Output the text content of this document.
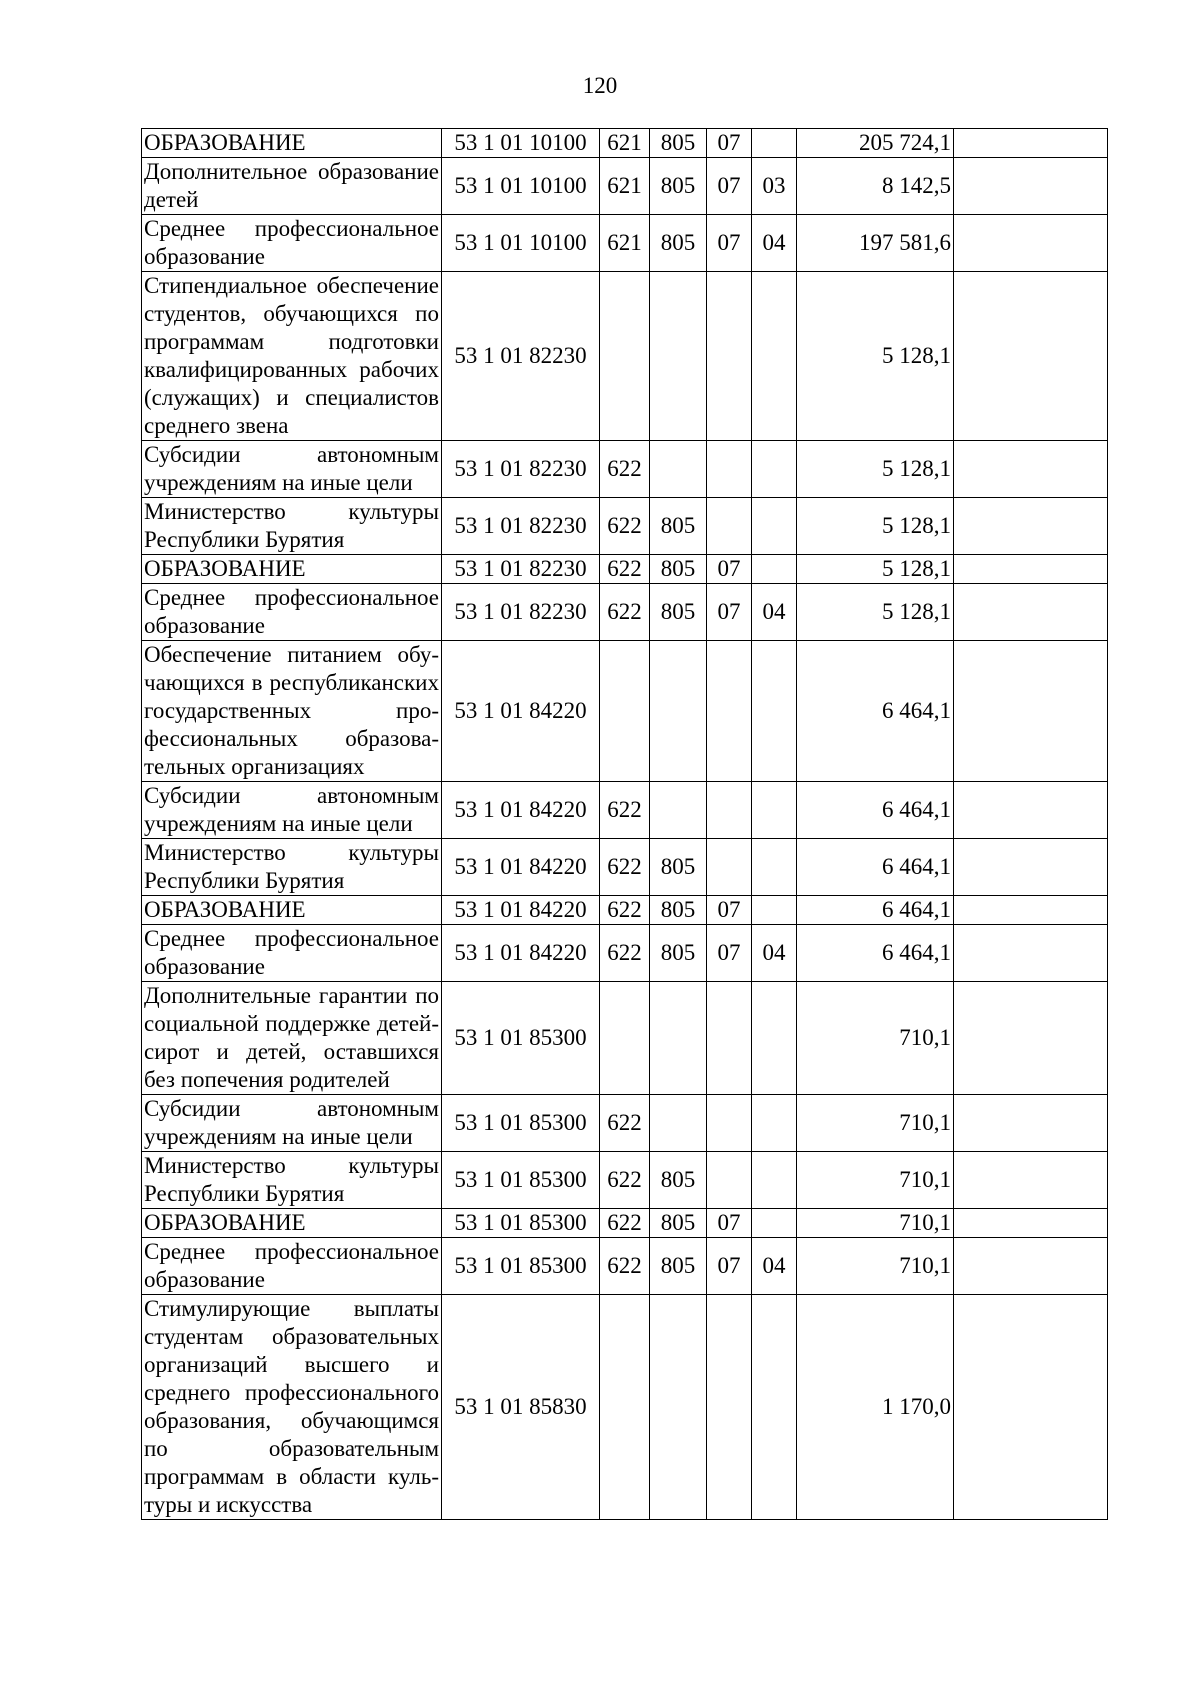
120
ОБРАЗОВАНИЕ	53 1 01 10100	621	805	07		205 724,1	
Дополнительное образование детей	53 1 01 10100	621	805	07	03	8 142,5	
Среднее профессиональное образование	53 1 01 10100	621	805	07	04	197 581,6	
Стипендиальное обеспечение студентов, обучающихся по программам подготовки квалифицированных рабочих (служащих) и специалистов среднего звена	53 1 01 82230					5 128,1	
Субсидии автономным учреждениям на иные цели	53 1 01 82230	622				5 128,1	
Министерство культуры Республики Бурятия	53 1 01 82230	622	805			5 128,1	
ОБРАЗОВАНИЕ	53 1 01 82230	622	805	07		5 128,1	
Среднее профессиональное образование	53 1 01 82230	622	805	07	04	5 128,1	
Обеспечение питанием обучающихся в республиканских государственных профессиональных образовательных организациях	53 1 01 84220					6 464,1	
Субсидии автономным учреждениям на иные цели	53 1 01 84220	622				6 464,1	
Министерство культуры Республики Бурятия	53 1 01 84220	622	805			6 464,1	
ОБРАЗОВАНИЕ	53 1 01 84220	622	805	07		6 464,1	
Среднее профессиональное образование	53 1 01 84220	622	805	07	04	6 464,1	
Дополнительные гарантии по социальной поддержке детей-сирот и детей, оставшихся без попечения родителей	53 1 01 85300					710,1	
Субсидии автономным учреждениям на иные цели	53 1 01 85300	622				710,1	
Министерство культуры Республики Бурятия	53 1 01 85300	622	805			710,1	
ОБРАЗОВАНИЕ	53 1 01 85300	622	805	07		710,1	
Среднее профессиональное образование	53 1 01 85300	622	805	07	04	710,1	
Стимулирующие выплаты студентам образовательных организаций высшего и среднего профессионального образования, обучающимся по образовательным программам в области культуры и искусства	53 1 01 85830					1 170,0	
